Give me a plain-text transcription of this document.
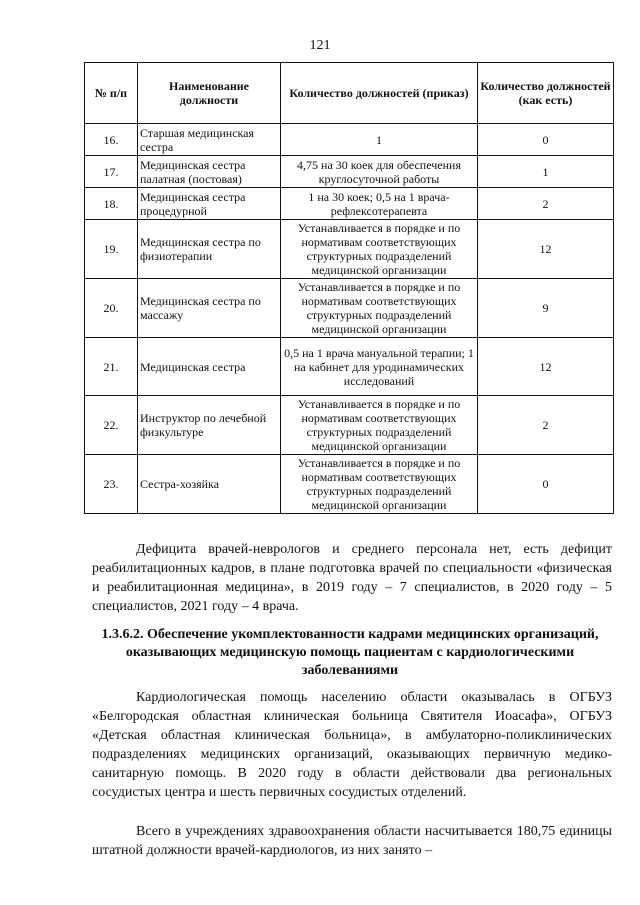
121
№ п/п	Наименование должности	Количество должностей (приказ)	Количество должностей (как есть)
16.	Старшая медицинская сестра	1	0
17.	Медицинская сестра палатная (постовая)	4,75 на 30 коек для обеспечения круглосуточной работы	1
18.	Медицинская сестра процедурной	1 на 30 коек; 0,5 на 1 врача-рефлексотерапевта	2
19.	Медицинская сестра по физиотерапии	Устанавливается в порядке и по нормативам соответствующих структурных подразделений медицинской организации	12
20.	Медицинская сестра по массажу	Устанавливается в порядке и по нормативам соответствующих структурных подразделений медицинской организации	9
21.	Медицинская сестра	0,5 на 1 врача мануальной терапии; 1 на кабинет для уродинамических исследований	12
22.	Инструктор по лечебной физкультуре	Устанавливается в порядке и по нормативам соответствующих структурных подразделений медицинской организации	2
23.	Сестра-хозяйка	Устанавливается в порядке и по нормативам соответствующих структурных подразделений медицинской организации	0
Дефицита врачей-неврологов и среднего персонала нет, есть дефицит реабилитационных кадров, в плане подготовка врачей по специальности «физическая и реабилитационная медицина», в 2019 году – 7 специалистов, в 2020 году – 5 специалистов, 2021 году – 4 врача.
1.3.6.2. Обеспечение укомплектованности кадрами медицинских организаций, оказывающих медицинскую помощь пациентам с кардиологическими заболеваниями
Кардиологическая помощь населению области оказывалась в ОГБУЗ «Белгородская областная клиническая больница Святителя Иоасафа», ОГБУЗ «Детская областная клиническая больница», в амбулаторно-поликлинических подразделениях медицинских организаций, оказывающих первичную медико-санитарную помощь. В 2020 году в области действовали два региональных сосудистых центра и шесть первичных сосудистых отделений.
Всего в учреждениях здравоохранения области насчитывается 180,75 единицы штатной должности врачей-кардиологов, из них занято –
